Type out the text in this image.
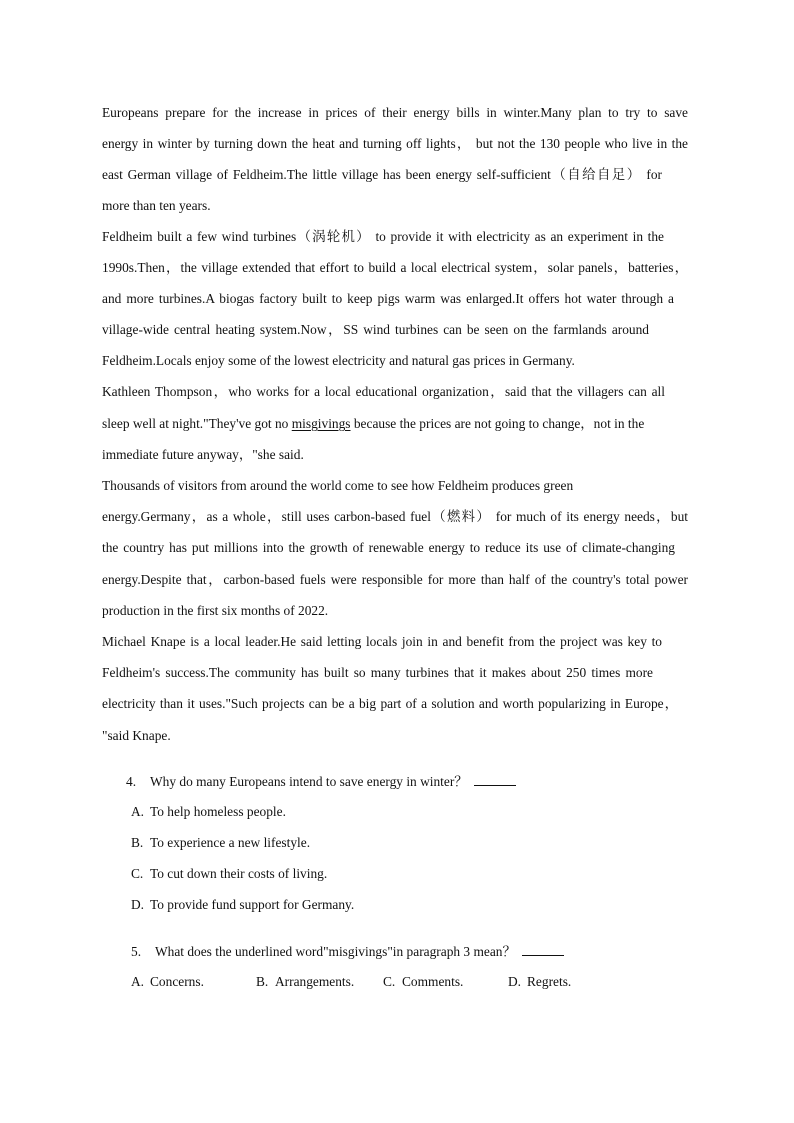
Europeans prepare for the increase in prices of their energy bills in winter.Many plan to try to save
energy in winter by turning down the heat and turning off lights， but not the 130 people who live in the
east German village of Feldheim.The little village has been energy self-sufficient（自给自足） for
more than ten years.
Feldheim built a few wind turbines（涡轮机） to provide it with electricity as an experiment in the
1990s.Then，the village extended that effort to build a local electrical system，solar panels，batteries，
and more turbines.A biogas factory built to keep pigs warm was enlarged.It offers hot water through a
village-wide central heating system.Now，SS wind turbines can be seen on the farmlands around
Feldheim.Locals enjoy some of the lowest electricity and natural gas prices in Germany.
Kathleen Thompson，who works for a local educational organization，said that the villagers can all
sleep well at night."They've got no misgivings because the prices are not going to change，not in the
immediate future anyway，"she said.
Thousands of visitors from around the world come to see how Feldheim produces green
energy.Germany，as a whole，still uses carbon-based fuel（燃料） for much of its energy needs，but
the country has put millions into the growth of renewable energy to reduce its use of climate-changing
energy.Despite that，carbon-based fuels were responsible for more than half of the country's total power
production in the first six months of 2022.
Michael Knape is a local leader.He said letting locals join in and benefit from the project was key to
Feldheim's success.The community has built so many turbines that it makes about 250 times more
electricity than it uses."Such projects can be a big part of a solution and worth popularizing in Europe，
"said Knape.
4. Why do many Europeans intend to save energy in winter？
A. To help homeless people.
B. To experience a new lifestyle.
C. To cut down their costs of living.
D. To provide fund support for Germany.
5. What does the underlined word"misgivings"in paragraph 3 mean？
A. Concerns.	B. Arrangements. C. Comments.	D. Regrets.
